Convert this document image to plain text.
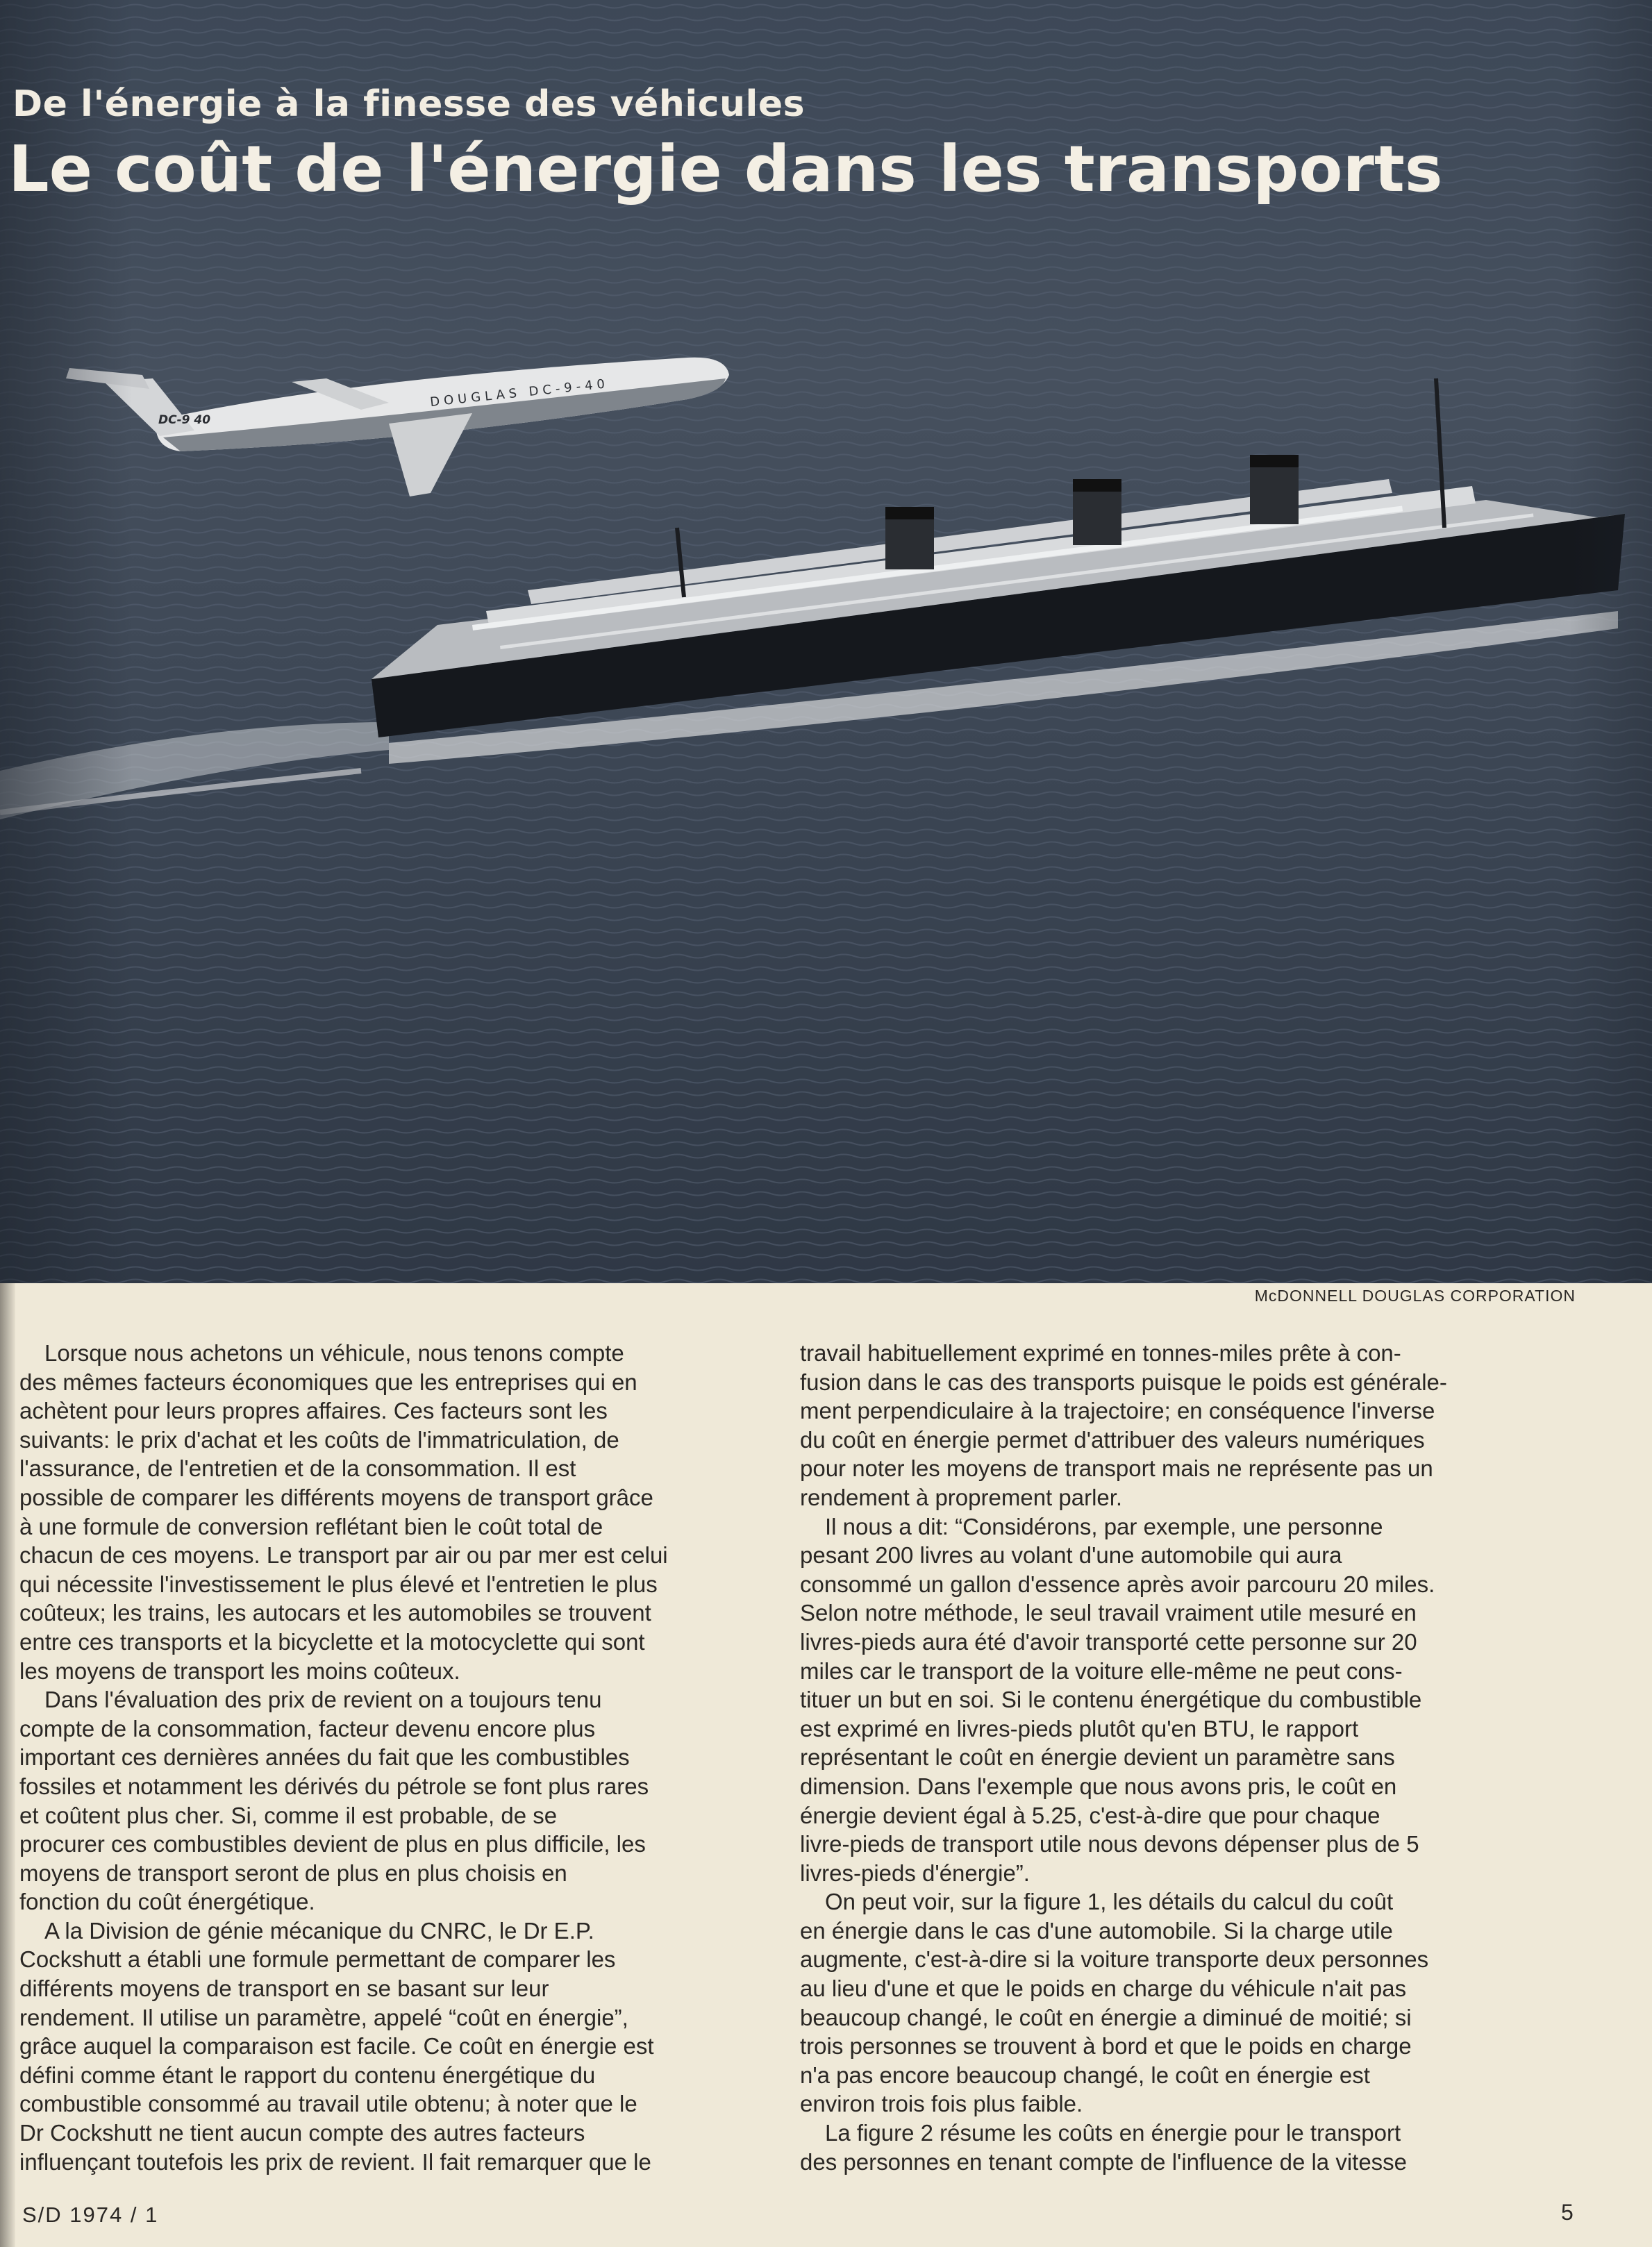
De l'énergie à la finesse des véhicules
Le coût de l'énergie dans les transports
McDONNELL DOUGLAS CORPORATION

Lorsque nous achetons un véhicule, nous tenons compte
des mêmes facteurs économiques que les entreprises qui en
achètent pour leurs propres affaires. Ces facteurs sont les
suivants: le prix d'achat et les coûts de l'immatriculation, de
l'assurance, de l'entretien et de la consommation. Il est
possible de comparer les différents moyens de transport grâce
à une formule de conversion reflétant bien le coût total de
chacun de ces moyens. Le transport par air ou par mer est celui
qui nécessite l'investissement le plus élevé et l'entretien le plus
coûteux; les trains, les autocars et les automobiles se trouvent
entre ces transports et la bicyclette et la motocyclette qui sont
les moyens de transport les moins coûteux.

Dans l'évaluation des prix de revient on a toujours tenu
compte de la consommation, facteur devenu encore plus
important ces dernières années du fait que les combustibles
fossiles et notamment les dérivés du pétrole se font plus rares
et coûtent plus cher. Si, comme il est probable, de se
procurer ces combustibles devient de plus en plus difficile, les
moyens de transport seront de plus en plus choisis en
fonction du coût énergétique.

A la Division de génie mécanique du CNRC, le Dr E.P.
Cockshutt a établi une formule permettant de comparer les
différents moyens de transport en se basant sur leur
rendement. Il utilise un paramètre, appelé “coût en énergie”,
grâce auquel la comparaison est facile. Ce coût en énergie est
défini comme étant le rapport du contenu énergétique du
combustible consommé au travail utile obtenu; à noter que le
Dr Cockshutt ne tient aucun compte des autres facteurs
influençant toutefois les prix de revient. Il fait remarquer que le

travail habituellement exprimé en tonnes-miles prête à con-
fusion dans le cas des transports puisque le poids est générale-
ment perpendiculaire à la trajectoire; en conséquence l'inverse
du coût en énergie permet d'attribuer des valeurs numériques
pour noter les moyens de transport mais ne représente pas un
rendement à proprement parler.

Il nous a dit: “Considérons, par exemple, une personne
pesant 200 livres au volant d'une automobile qui aura
consommé un gallon d'essence après avoir parcouru 20 miles.
Selon notre méthode, le seul travail vraiment utile mesuré en
livres-pieds aura été d'avoir transporté cette personne sur 20
miles car le transport de la voiture elle-même ne peut cons-
tituer un but en soi. Si le contenu énergétique du combustible
est exprimé en livres-pieds plutôt qu'en BTU, le rapport
représentant le coût en énergie devient un paramètre sans
dimension. Dans l'exemple que nous avons pris, le coût en
énergie devient égal à 5.25, c'est-à-dire que pour chaque
livre-pieds de transport utile nous devons dépenser plus de 5
livres-pieds d'énergie”.

On peut voir, sur la figure 1, les détails du calcul du coût
en énergie dans le cas d'une automobile. Si la charge utile
augmente, c'est-à-dire si la voiture transporte deux personnes
au lieu d'une et que le poids en charge du véhicule n'ait pas
beaucoup changé, le coût en énergie a diminué de moitié; si
trois personnes se trouvent à bord et que le poids en charge
n'a pas encore beaucoup changé, le coût en énergie est
environ trois fois plus faible.

La figure 2 résume les coûts en énergie pour le transport
des personnes en tenant compte de l'influence de la vitesse

S/D 1974 / 1	5
